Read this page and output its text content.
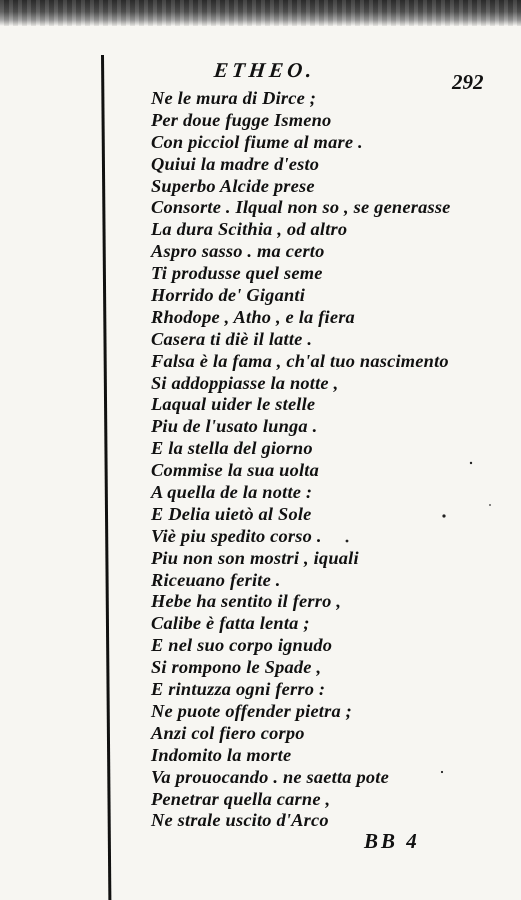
ETHEO.	292
Ne le mura di Dirce ;
Per doue fugge Ismeno
Con picciol fiume al mare .
Quiui la madre d'esto
Superbo Alcide prese
Consorte . Ilqual non so , se generasse
La dura Scithia , od altro
Aspro sasso . ma certo
Ti produsse quel seme
Horrido de' Giganti
Rhodope , Atho , e la fiera
Casera ti diè il latte .
Falsa è la fama , ch'al tuo nascimento
Si addoppiasse la notte ,
Laqual uider le stelle
Piu de l'usato lunga .
E la stella del giorno
Commise la sua uolta
A quella de la notte :
E Delia uietò al Sole
Viè piu spedito corso .
Piu non son mostri , iquali
Riceuano ferite .
Hebe ha sentito il ferro ,
Calibe è fatta lenta ;
E nel suo corpo ignudo
Si rompono le Spade ,
E rintuzza ogni ferro :
Ne puote offender pietra ;
Anzi col fiero corpo
Indomito la morte
Va prouocando . ne saetta pote
Penetrar quella carne ,
Ne strale uscito d'Arco
BB 4
